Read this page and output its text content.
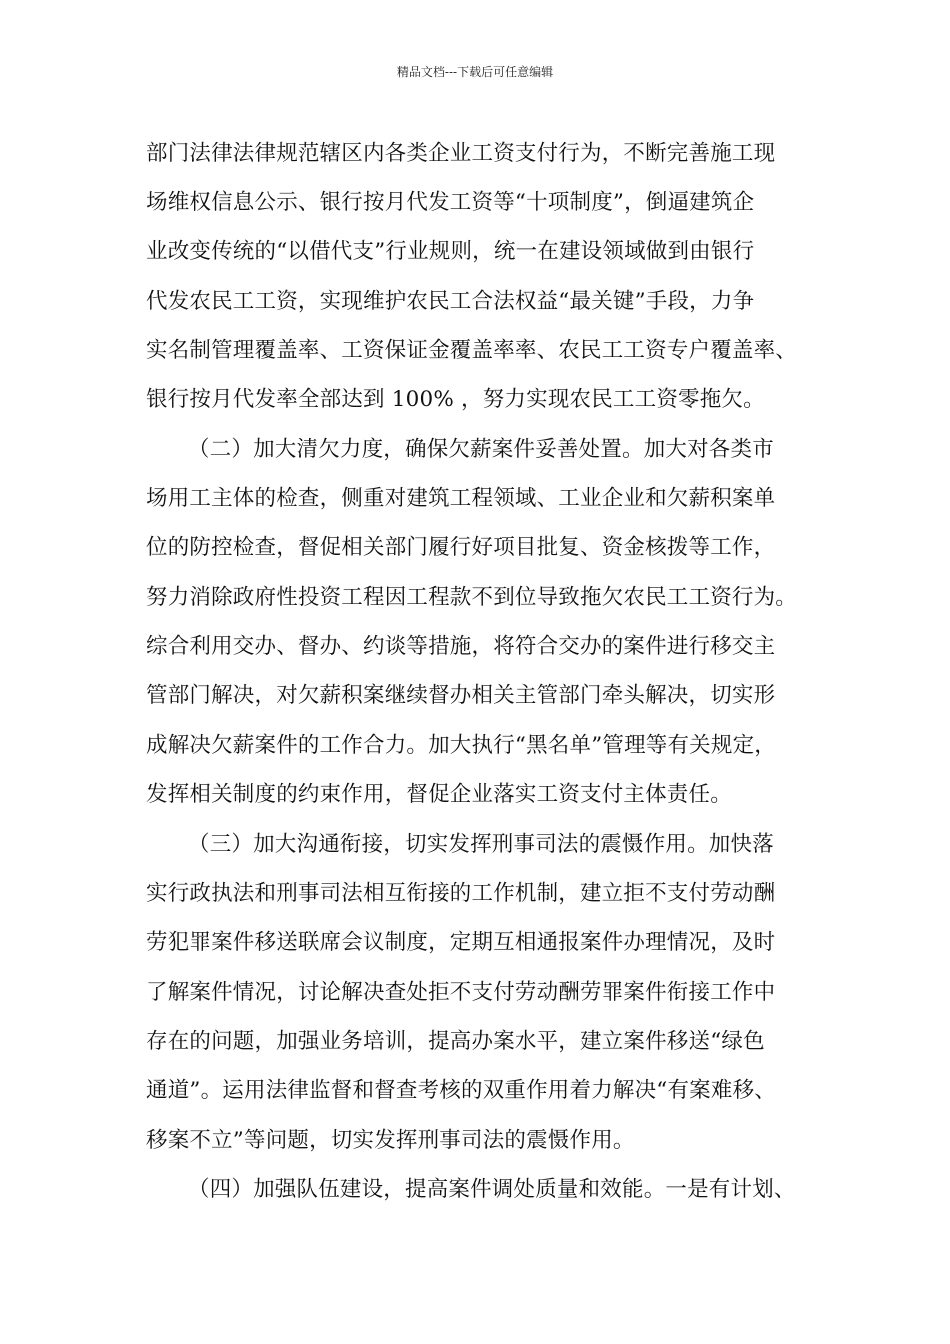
精品文档---下载后可任意编辑
部门法律法律规范辖区内各类企业工资支付行为，不断完善施工现
场维权信息公示、银行按月代发工资等“十项制度”，倒逼建筑企
业改变传统的“以借代支”行业规则，统一在建设领域做到由银行
代发农民工工资，实现维护农民工合法权益“最关键”手段，力争
实名制管理覆盖率、工资保证金覆盖率率、农民工工资专户覆盖率、
银行按月代发率全部达到 100% ，努力实现农民工工资零拖欠。
（二）加大清欠力度，确保欠薪案件妥善处置。加大对各类市
场用工主体的检查，侧重对建筑工程领域、工业企业和欠薪积案单
位的防控检查，督促相关部门履行好项目批复、资金核拨等工作，
努力消除政府性投资工程因工程款不到位导致拖欠农民工工资行为。
综合利用交办、督办、约谈等措施，将符合交办的案件进行移交主
管部门解决，对欠薪积案继续督办相关主管部门牵头解决，切实形
成解决欠薪案件的工作合力。加大执行“黑名单”管理等有关规定，
发挥相关制度的约束作用，督促企业落实工资支付主体责任。
（三）加大沟通衔接，切实发挥刑事司法的震慑作用。加快落
实行政执法和刑事司法相互衔接的工作机制，建立拒不支付劳动酬
劳犯罪案件移送联席会议制度，定期互相通报案件办理情况，及时
了解案件情况，讨论解决查处拒不支付劳动酬劳罪案件衔接工作中
存在的问题，加强业务培训，提高办案水平，建立案件移送“绿色
通道”。运用法律监督和督查考核的双重作用着力解决“有案难移、
移案不立”等问题，切实发挥刑事司法的震慑作用。
（四）加强队伍建设，提高案件调处质量和效能。一是有计划、
